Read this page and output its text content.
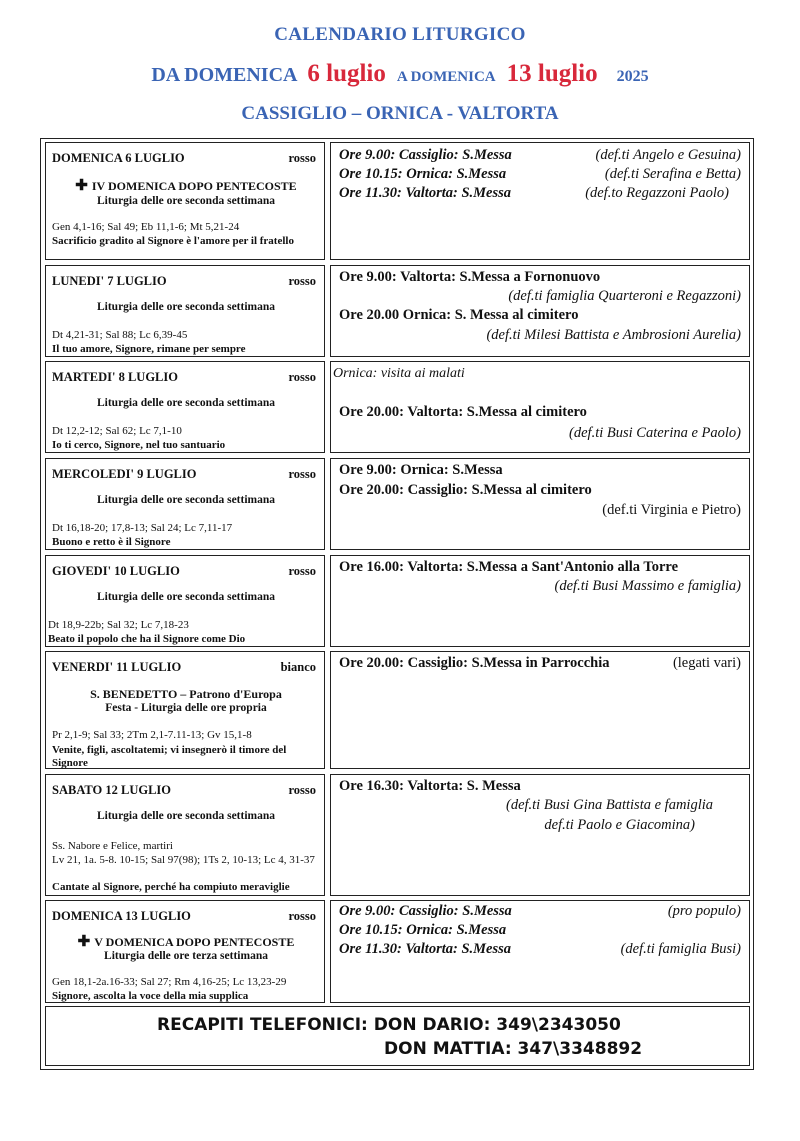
CALENDARIO LITURGICO
DA DOMENICA 6 luglio A DOMENICA 13 luglio 2025
CASSIGLIO – ORNICA - VALTORTA
DOMENICA 6 LUGLIO	rosso
✚ IV DOMENICA DOPO PENTECOSTE
Liturgia delle ore seconda settimana
Gen 4,1-16; Sal 49; Eb 11,1-6; Mt 5,21-24
Sacrificio gradito al Signore è l'amore per il fratello
Ore 9.00: Cassiglio: S.Messa	(def.ti Angelo e Gesuina)
Ore 10.15: Ornica: S.Messa	(def.ti Serafina e Betta)
Ore 11.30: Valtorta: S.Messa	(def.to Regazzoni Paolo)
LUNEDI' 7 LUGLIO	rosso
Liturgia delle ore seconda settimana
Dt 4,21-31; Sal 88; Lc 6,39-45
Il tuo amore, Signore, rimane per sempre
Ore 9.00: Valtorta: S.Messa a Fornonuovo
(def.ti famiglia Quarteroni e Regazzoni)
Ore 20.00 Ornica: S. Messa al cimitero
(def.ti Milesi Battista e Ambrosioni Aurelia)
MARTEDI' 8 LUGLIO	rosso
Liturgia delle ore seconda settimana
Dt 12,2-12; Sal 62; Lc 7,1-10
Io ti cerco, Signore, nel tuo santuario
Ornica: visita ai malati
Ore 20.00: Valtorta: S.Messa al cimitero
(def.ti Busi Caterina e Paolo)
MERCOLEDI' 9 LUGLIO	rosso
Liturgia delle ore seconda settimana
Dt 16,18-20; 17,8-13; Sal 24; Lc 7,11-17
Buono e retto è il Signore
Ore 9.00: Ornica: S.Messa
Ore 20.00: Cassiglio: S.Messa al cimitero
(def.ti Virginia e Pietro)
GIOVEDI' 10 LUGLIO	rosso
Liturgia delle ore seconda settimana
Dt 18,9-22b; Sal 32; Lc 7,18-23
Beato il popolo che ha il Signore come Dio
Ore 16.00: Valtorta: S.Messa a Sant'Antonio alla Torre
(def.ti Busi Massimo e famiglia)
VENERDI' 11 LUGLIO	bianco
S. BENEDETTO – Patrono d'Europa
Festa - Liturgia delle ore propria
Pr 2,1-9; Sal 33; 2Tm 2,1-7.11-13; Gv 15,1-8
Venite, figli, ascoltatemi; vi insegnerò il timore del Signore
Ore 20.00: Cassiglio: S.Messa in Parrocchia	(legati vari)
SABATO 12 LUGLIO	rosso
Liturgia delle ore seconda settimana
Ss. Nabore e Felice, martiri
Lv 21, 1a. 5-8. 10-15; Sal 97(98); 1Ts 2, 10-13; Lc 4, 31-37
Cantate al Signore, perché ha compiuto meraviglie
Ore 16.30: Valtorta: S. Messa
(def.ti Busi Gina Battista e famiglia
def.ti Paolo e Giacomina)
DOMENICA 13 LUGLIO	rosso
✚ V DOMENICA DOPO PENTECOSTE
Liturgia delle ore terza settimana
Gen 18,1-2a.16-33; Sal 27; Rm 4,16-25; Lc 13,23-29
Signore, ascolta la voce della mia supplica
Ore 9.00: Cassiglio: S.Messa	(pro populo)
Ore 10.15: Ornica: S.Messa
Ore 11.30: Valtorta: S.Messa	(def.ti famiglia Busi)
RECAPITI TELEFONICI: DON DARIO: 349\2343050
DON MATTIA: 347\3348892
